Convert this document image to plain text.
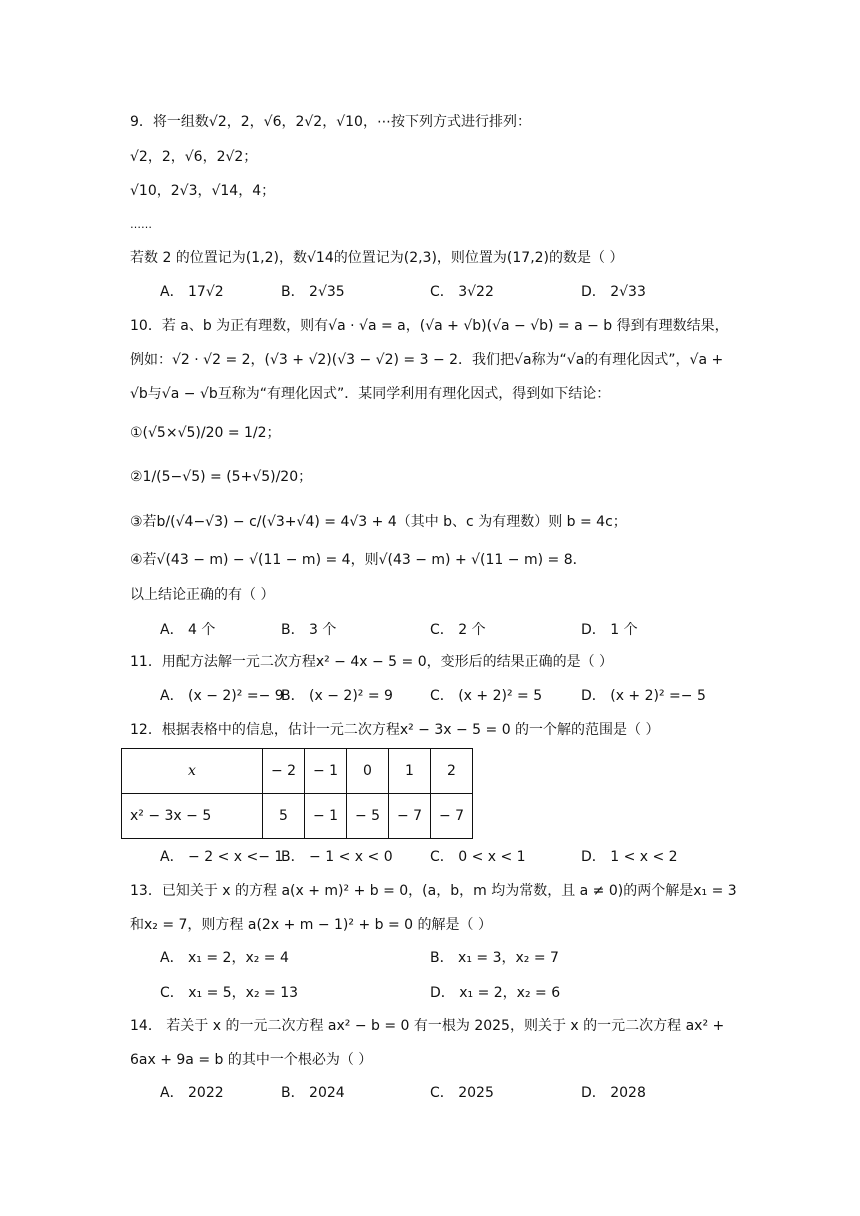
9．将一组数√2，2，√6，2√2，√10，⋯按下列方式进行排列：
√2，2，√6，2√2；
√10，2√3，√14，4；
……
若数 2 的位置记为(1,2)，数√14的位置记为(2,3)，则位置为(17,2)的数是（ ）
A． 17√2	B． 2√35	C． 3√22	D． 2√33
10．若 a、b 为正有理数，则有√a · √a = a，(√a + √b)(√a − √b) = a − b 得到有理数结果，
例如：√2 · √2 = 2，(√3 + √2)(√3 − √2) = 3 − 2．我们把√a称为“√a的有理化因式”，√a +
√b与√a − √b互称为“有理化因式”．某同学利用有理化因式，得到如下结论：
①(√5×√5)/20 = 1/2；
②1/(5−√5) = (5+√5)/20；
③若b/(√4−√3) − c/(√3+√4) = 4√3 + 4（其中 b、c 为有理数）则 b = 4c；
④若√(43 − m) − √(11 − m) = 4，则√(43 − m) + √(11 − m) = 8．
以上结论正确的有（ ）
A． 4 个	B． 3 个	C． 2 个	D． 1 个
11．用配方法解一元二次方程x² − 4x − 5 = 0，变形后的结果正确的是（ ）
A． (x − 2)² =− 9
B． (x − 2)² = 9	C． (x + 2)² = 5	D． (x + 2)² =− 5
12．根据表格中的信息，估计一元二次方程x² − 3x − 5 = 0 的一个解的范围是（ ）
x	− 2	− 1	0	1	2
x² − 3x − 5	5	− 1	− 5	− 7	− 7
A． − 2 < x <− 1
B． − 1 < x < 0	C． 0 < x < 1	D． 1 < x < 2
13．已知关于 x 的方程 a(x + m)² + b = 0，(a，b，m 均为常数，且 a ≠ 0)的两个解是x₁ = 3
和x₂ = 7，则方程 a(2x + m − 1)² + b = 0 的解是（ ）
A． x₁ = 2，x₂ = 4	B． x₁ = 3，x₂ = 7
C． x₁ = 5，x₂ = 13	D． x₁ = 2，x₂ = 6
14． 若关于 x 的一元二次方程 ax² − b = 0 有一根为 2025，则关于 x 的一元二次方程 ax² +
6ax + 9a = b 的其中一个根必为（ ）
A． 2022	B． 2024	C． 2025	D． 2028
